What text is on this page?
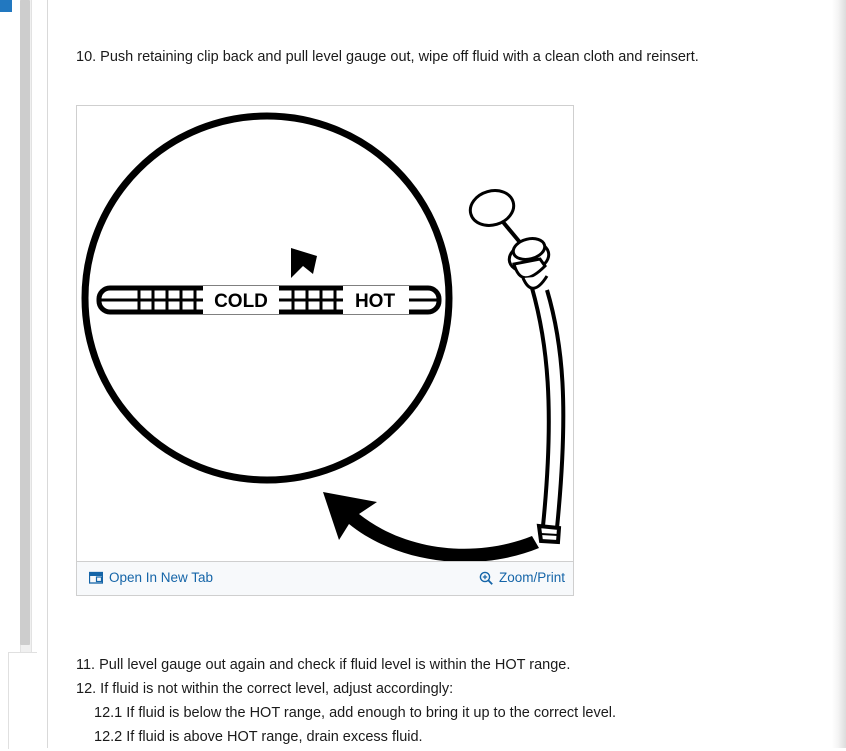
10. Push retaining clip back and pull level gauge out, wipe off fluid with a clean cloth and reinsert.
COLD	HOT
Open In New Tab	Zoom/Print
11. Pull level gauge out again and check if fluid level is within the HOT range.
12. If fluid is not within the correct level, adjust accordingly:
12.1 If fluid is below the HOT range, add enough to bring it up to the correct level.
12.2 If fluid is above HOT range, drain excess fluid.
